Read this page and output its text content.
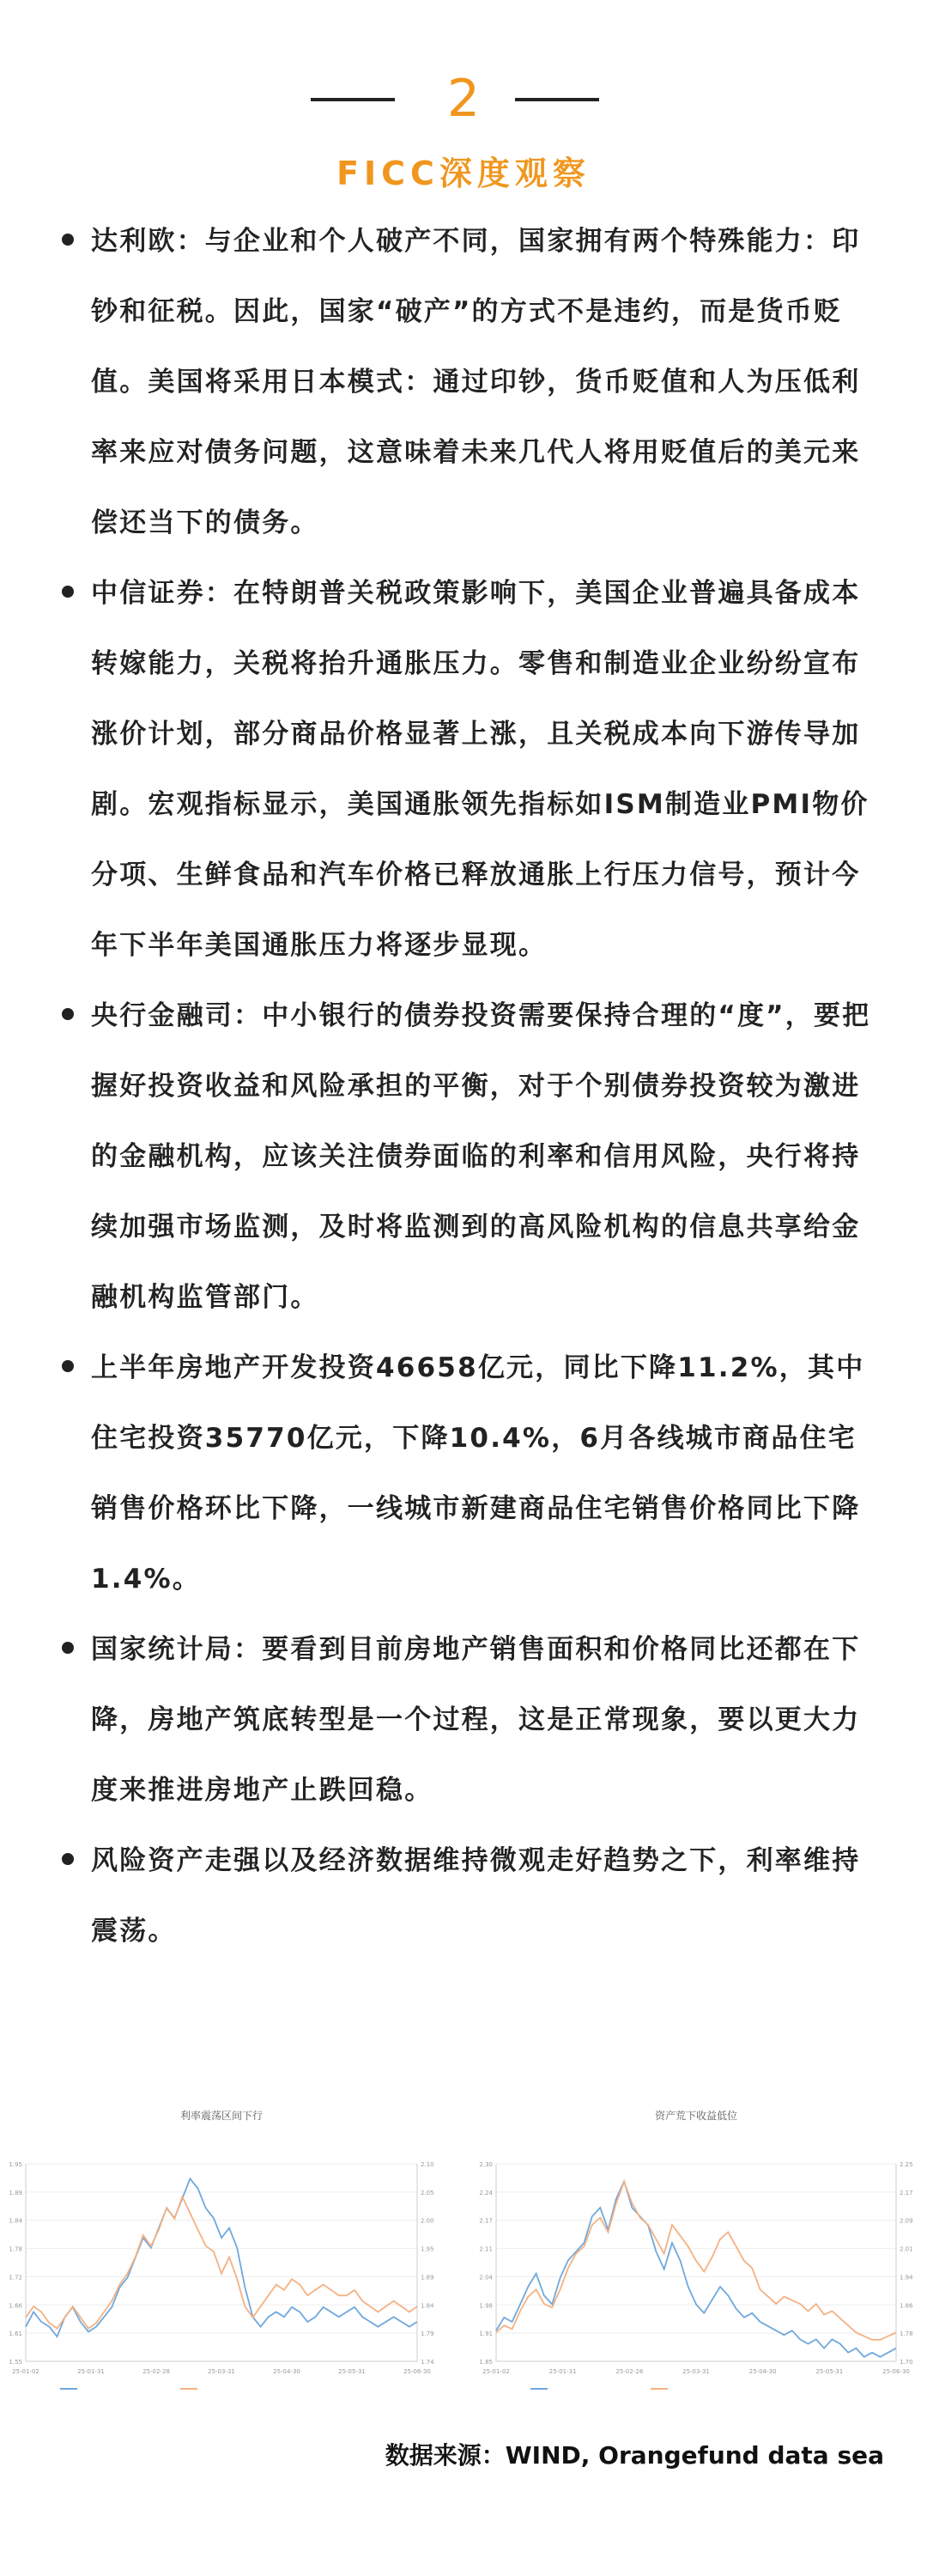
2
FICC深度观察
达利欧：与企业和个人破产不同，国家拥有两个特殊能力：印钞和征税。因此，国家“破产”的方式不是违约，而是货币贬值。美国将采用日本模式：通过印钞，货币贬值和人为压低利率来应对债务问题，这意味着未来几代人将用贬值后的美元来偿还当下的债务。
中信证券：在特朗普关税政策影响下，美国企业普遍具备成本转嫁能力，关税将抬升通胀压力。零售和制造业企业纷纷宣布涨价计划，部分商品价格显著上涨，且关税成本向下游传导加剧。宏观指标显示，美国通胀领先指标如ISM制造业PMI物价分项、生鲜食品和汽车价格已释放通胀上行压力信号，预计今年下半年美国通胀压力将逐步显现。
央行金融司：中小银行的债券投资需要保持合理的“度”，要把握好投资收益和风险承担的平衡，对于个别债券投资较为激进的金融机构，应该关注债券面临的利率和信用风险，央行将持续加强市场监测，及时将监测到的高风险机构的信息共享给金融机构监管部门。
上半年房地产开发投资46658亿元，同比下降11.2%，其中住宅投资35770亿元，下降10.4%，6月各线城市商品住宅销售价格环比下降，一线城市新建商品住宅销售价格同比下降1.4%。
国家统计局：要看到目前房地产销售面积和价格同比还都在下降，房地产筑底转型是一个过程，这是正常现象，要以更大力度来推进房地产止跌回稳。
风险资产走强以及经济数据维持微观走好趋势之下，利率维持震荡。
利率震荡区间下行
1.95	2.10
1.89	2.05
1.84	2.00
1.78	1.95
1.72	1.89
1.66	1.84
1.61	1.79
1.55	1.74
25-01-02	25-01-31	25-02-28	25-03-31	25-04-30	25-05-31	25-06-30
资产荒下收益低位
2.30	2.25
2.24	2.17
2.17	2.09
2.11	2.01
2.04	1.94
1.98	1.86
1.91	1.78
1.85	1.70
25-01-02	25-01-31	25-02-28	25-03-31	25-04-30	25-05-31	25-06-30
数据来源：WIND, Orangefund data sea
